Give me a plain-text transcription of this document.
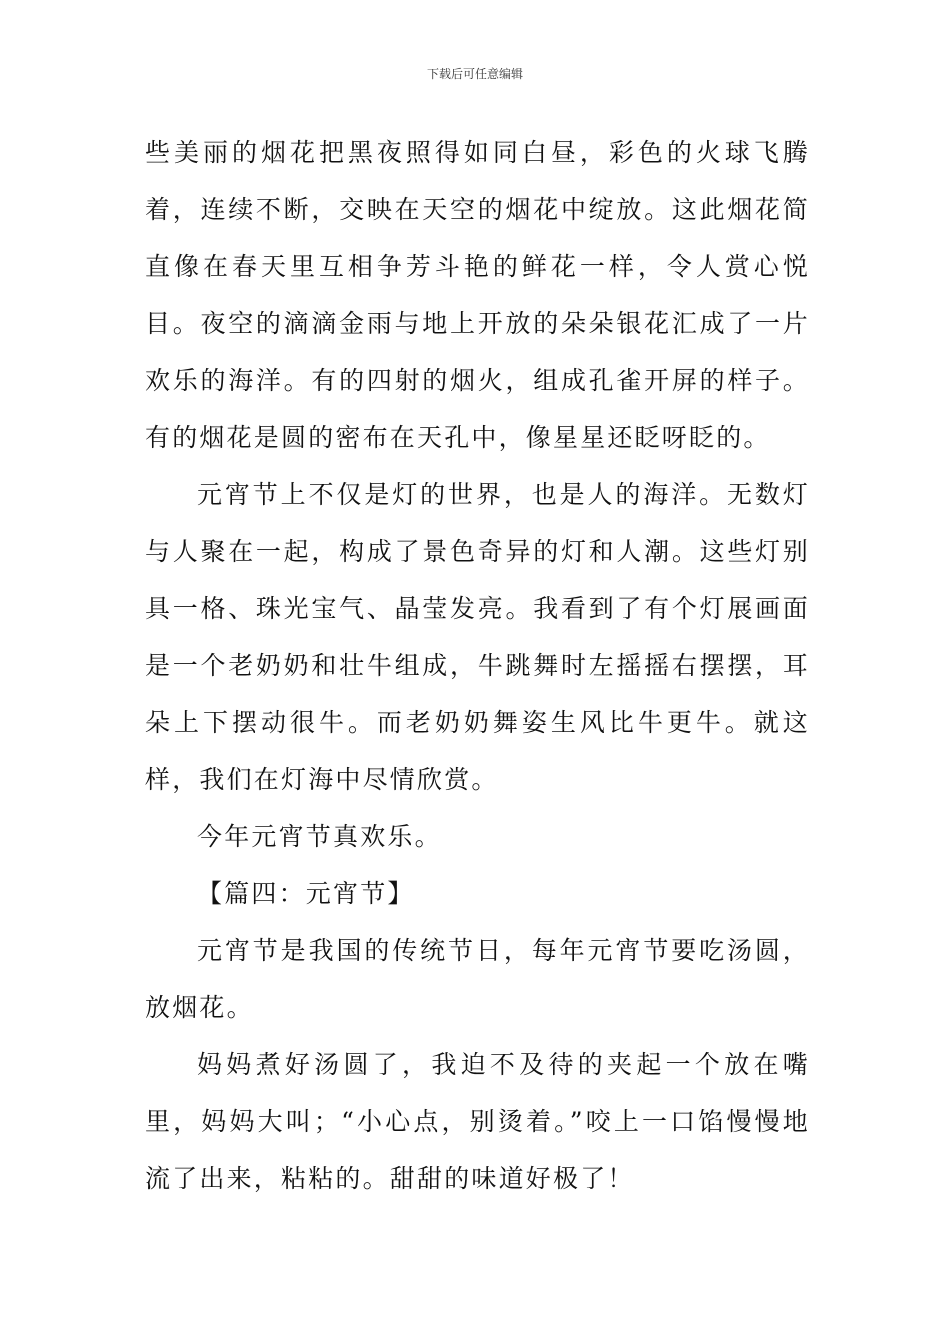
下载后可任意编辑

些美丽的烟花把黑夜照得如同白昼，彩色的火球飞腾着，连续不断，交映在天空的烟花中绽放。这此烟花简直像在春天里互相争芳斗艳的鲜花一样，令人赏心悦目。夜空的滴滴金雨与地上开放的朵朵银花汇成了一片欢乐的海洋。有的四射的烟火，组成孔雀开屏的样子。有的烟花是圆的密布在天孔中，像星星还眨呀眨的。

元宵节上不仅是灯的世界，也是人的海洋。无数灯与人聚在一起，构成了景色奇异的灯和人潮。这些灯别具一格、珠光宝气、晶莹发亮。我看到了有个灯展画面是一个老奶奶和壮牛组成，牛跳舞时左摇摇右摆摆，耳朵上下摆动很牛。而老奶奶舞姿生风比牛更牛。就这样，我们在灯海中尽情欣赏。

今年元宵节真欢乐。

【篇四：元宵节】

元宵节是我国的传统节日，每年元宵节要吃汤圆，放烟花。

妈妈煮好汤圆了，我迫不及待的夹起一个放在嘴里，妈妈大叫；“小心点，别烫着。”咬上一口馅慢慢地流了出来，粘粘的。甜甜的味道好极了！
